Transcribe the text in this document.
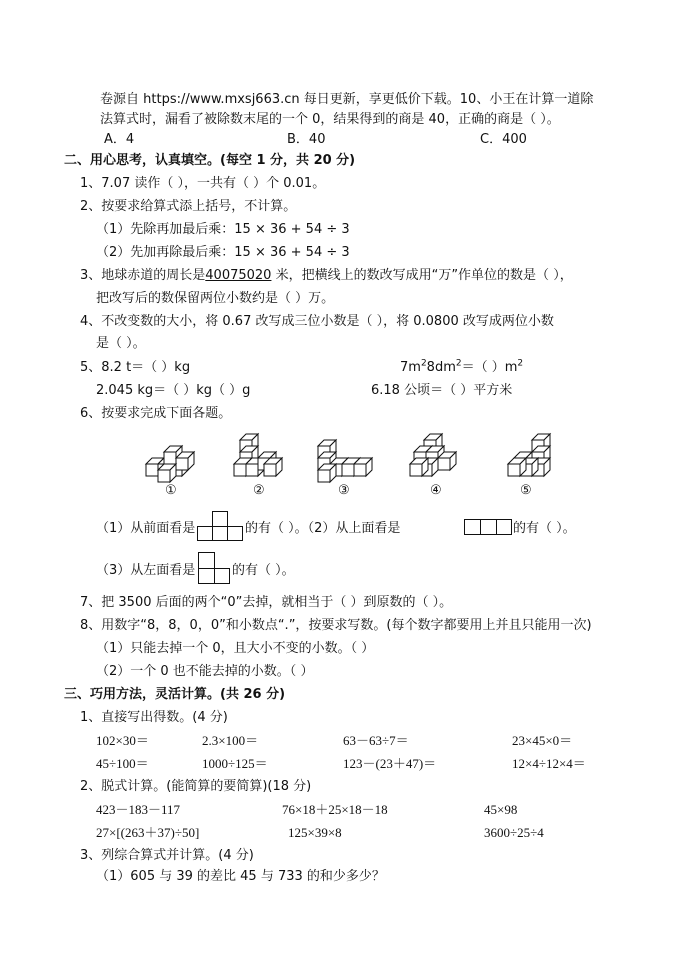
卷源自 https://www.mxsj663.cn 每日更新，享更低价下载。10、小王在计算一道除
法算式时，漏看了被除数末尾的一个 0，结果得到的商是 40，正确的商是（ ）。
A．4	B．40	C．400
二、用心思考，认真填空。(每空 1 分，共 20 分)
1、7.07 读作（ ），一共有（ ）个 0.01。
2、按要求给算式添上括号，不计算。
（1）先除再加最后乘：15 × 36 + 54 ÷ 3
（2）先加再除最后乘：15 × 36 + 54 ÷ 3
3、地球赤道的周长是40075020 米，把横线上的数改写成用“万”作单位的数是（ ），
把改写后的数保留两位小数约是（ ）万。
4、不改变数的大小，将 0.67 改写成三位小数是（ ），将 0.0800 改写成两位小数
是（ ）。
5、8.2 t＝（ ）kg	$7m^28dm^2=$（ ）$m^2$
2.045 kg＝（ ）kg（ ）g	6.18 公顷＝（ ）平方米
6、按要求完成下面各题。
①	②	③	④	⑤
（1）从前面看是	的有（ ）。（2）从上面看是	的有（ ）。
（3）从左面看是	的有（ ）。
7、把 3500 后面的两个“0”去掉，就相当于（ ）到原数的（ ）。
8、用数字“8，8，0，0”和小数点“.”，按要求写数。(每个数字都要用上并且只能用一次)
（1）只能去掉一个 0，且大小不变的小数。（ ）
（2）一个 0 也不能去掉的小数。（ ）
三、巧用方法，灵活计算。(共 26 分)
1、直接写出得数。(4 分)
102×30＝	2.3×100＝	63－63÷7＝	23×45×0＝
45÷100＝	1000÷125＝	123－(23＋47)＝	12×4÷12×4＝
2、脱式计算。(能简算的要简算)(18 分)
423－183－117	76×18＋25×18－18	45×98
27×[(263＋37)÷50]	125×39×8	3600÷25÷4
3、列综合算式并计算。(4 分)
（1）605 与 39 的差比 45 与 733 的和少多少？
